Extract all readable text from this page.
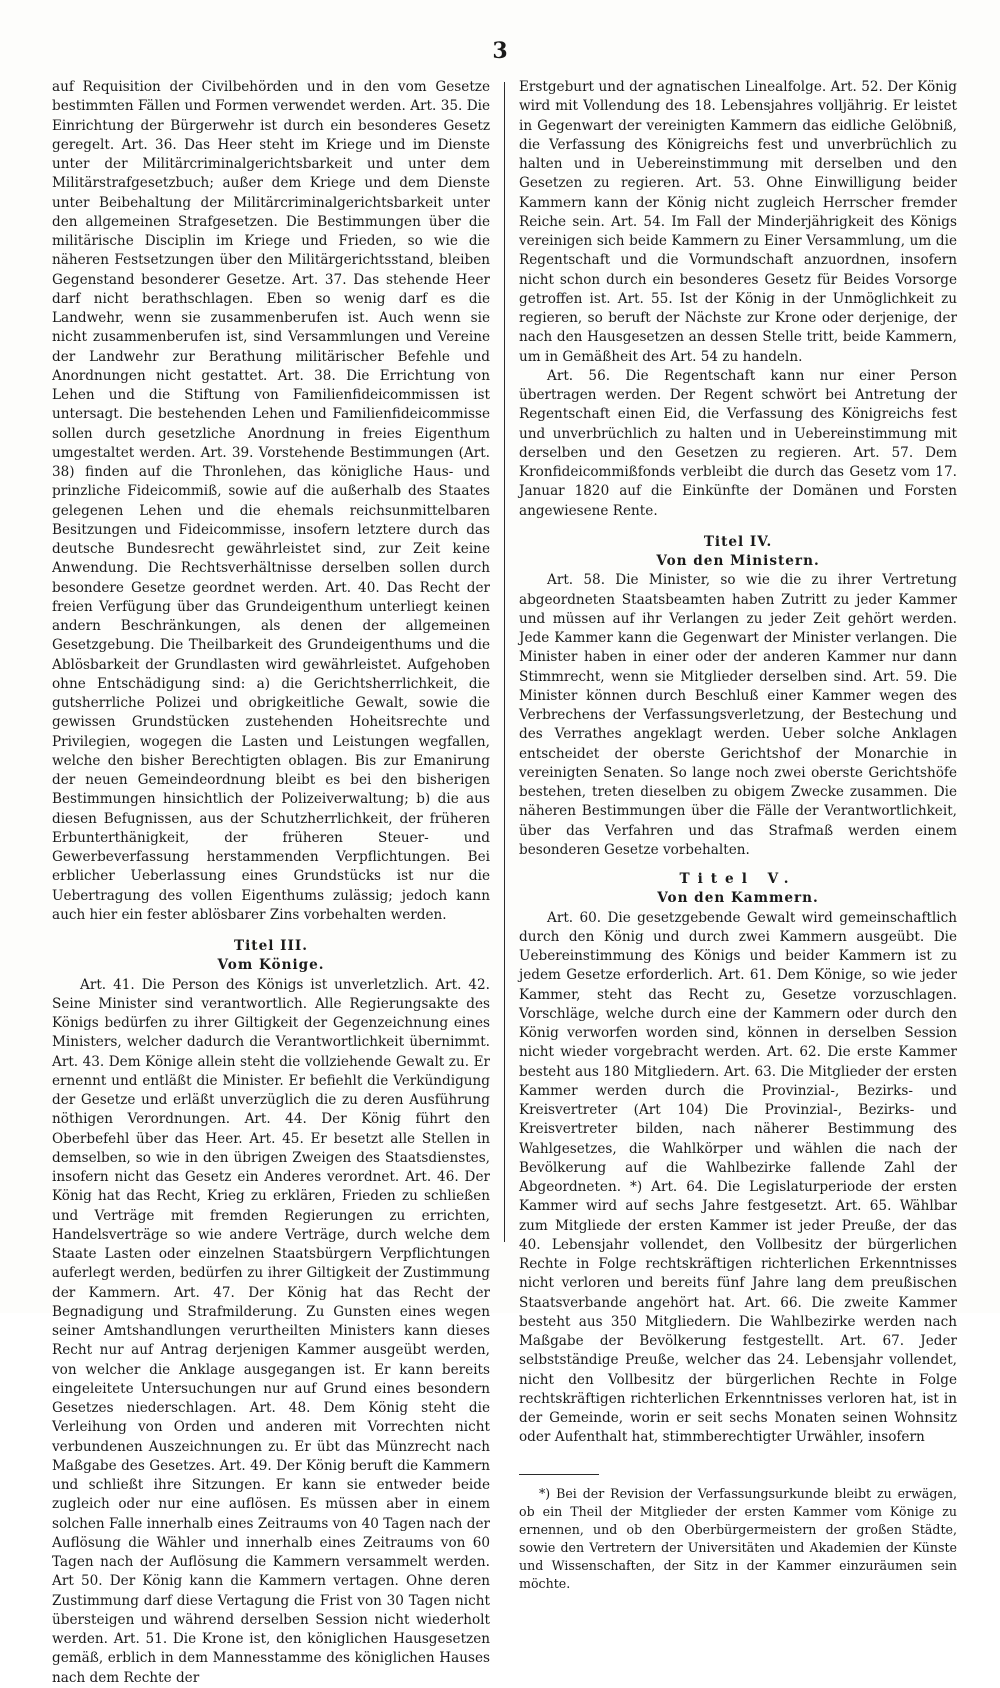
3

auf Requisition der Civilbehörden und in den vom Gesetze bestimmten Fällen und Formen verwendet werden. Art. 35. Die Einrichtung der Bürgerwehr ist durch ein besonderes Gesetz geregelt. Art. 36. Das Heer steht im Kriege und im Dienste unter der Militärcriminalgerichtsbarkeit und unter dem Militärstrafgesetzbuch; außer dem Kriege und dem Dienste unter Beibehaltung der Militärcriminalgerichtsbarkeit unter den allgemeinen Strafgesetzen. Die Bestimmungen über die militärische Disciplin im Kriege und Frieden, so wie die näheren Festsetzungen über den Militärgerichtsstand, bleiben Gegenstand besonderer Gesetze. Art. 37. Das stehende Heer darf nicht berathschlagen. Eben so wenig darf es die Landwehr, wenn sie zusammenberufen ist. Auch wenn sie nicht zusammenberufen ist, sind Versammlungen und Vereine der Landwehr zur Berathung militärischer Befehle und Anordnungen nicht gestattet. Art. 38. Die Errichtung von Lehen und die Stiftung von Familienfideicommissen ist untersagt. Die bestehenden Lehen und Familienfideicommisse sollen durch gesetzliche Anordnung in freies Eigenthum umgestaltet werden. Art. 39. Vorstehende Bestimmungen (Art. 38) finden auf die Thronlehen, das königliche Haus- und prinzliche Fideicommiß, sowie auf die außerhalb des Staates gelegenen Lehen und die ehemals reichsunmittelbaren Besitzungen und Fideicommisse, insofern letztere durch das deutsche Bundesrecht gewährleistet sind, zur Zeit keine Anwendung. Die Rechtsverhältnisse derselben sollen durch besondere Gesetze geordnet werden. Art. 40. Das Recht der freien Verfügung über das Grundeigenthum unterliegt keinen andern Beschränkungen, als denen der allgemeinen Gesetzgebung. Die Theilbarkeit des Grundeigenthums und die Ablösbarkeit der Grundlasten wird gewährleistet. Aufgehoben ohne Entschädigung sind: a) die Gerichtsherrlichkeit, die gutsherrliche Polizei und obrigkeitliche Gewalt, sowie die gewissen Grundstücken zustehenden Hoheitsrechte und Privilegien, wogegen die Lasten und Leistungen wegfallen, welche den bisher Berechtigten oblagen. Bis zur Emanirung der neuen Gemeindeordnung bleibt es bei den bisherigen Bestimmungen hinsichtlich der Polizeiverwaltung; b) die aus diesen Befugnissen, aus der Schutzherrlichkeit, der früheren Erbunterthänigkeit, der früheren Steuer- und Gewerbeverfassung herstammenden Verpflichtungen. Bei erblicher Ueberlassung eines Grundstücks ist nur die Uebertragung des vollen Eigenthums zulässig; jedoch kann auch hier ein fester ablösbarer Zins vorbehalten werden.

Titel III.

Vom Könige.

Art. 41. Die Person des Königs ist unverletzlich. Art. 42. Seine Minister sind verantwortlich. Alle Regierungsakte des Königs bedürfen zu ihrer Giltigkeit der Gegenzeichnung eines Ministers, welcher dadurch die Verantwortlichkeit übernimmt. Art. 43. Dem Könige allein steht die vollziehende Gewalt zu. Er ernennt und entläßt die Minister. Er befiehlt die Verkündigung der Gesetze und erläßt unverzüglich die zu deren Ausführung nöthigen Verordnungen. Art. 44. Der König führt den Oberbefehl über das Heer. Art. 45. Er besetzt alle Stellen in demselben, so wie in den übrigen Zweigen des Staatsdienstes, insofern nicht das Gesetz ein Anderes verordnet. Art. 46. Der König hat das Recht, Krieg zu erklären, Frieden zu schließen und Verträge mit fremden Regierungen zu errichten, Handelsverträge so wie andere Verträge, durch welche dem Staate Lasten oder einzelnen Staatsbürgern Verpflichtungen auferlegt werden, bedürfen zu ihrer Giltigkeit der Zustimmung der Kammern. Art. 47. Der König hat das Recht der Begnadigung und Strafmilderung. Zu Gunsten eines wegen seiner Amtshandlungen verurtheilten Ministers kann dieses Recht nur auf Antrag derjenigen Kammer ausgeübt werden, von welcher die Anklage ausgegangen ist. Er kann bereits eingeleitete Untersuchungen nur auf Grund eines besondern Gesetzes niederschlagen. Art. 48. Dem König steht die Verleihung von Orden und anderen mit Vorrechten nicht verbundenen Auszeichnungen zu. Er übt das Münzrecht nach Maßgabe des Gesetzes. Art. 49. Der König beruft die Kammern und schließt ihre Sitzungen. Er kann sie entweder beide zugleich oder nur eine auflösen. Es müssen aber in einem solchen Falle innerhalb eines Zeitraums von 40 Tagen nach der Auflösung die Wähler und innerhalb eines Zeitraums von 60 Tagen nach der Auflösung die Kammern versammelt werden. Art 50. Der König kann die Kammern vertagen. Ohne deren Zustimmung darf diese Vertagung die Frist von 30 Tagen nicht übersteigen und während derselben Session nicht wiederholt werden. Art. 51. Die Krone ist, den königlichen Hausgesetzen gemäß, erblich in dem Mannesstamme des königlichen Hauses nach dem Rechte der

Erstgeburt und der agnatischen Linealfolge. Art. 52. Der König wird mit Vollendung des 18. Lebensjahres volljährig. Er leistet in Gegenwart der vereinigten Kammern das eidliche Gelöbniß, die Verfassung des Königreichs fest und unverbrüchlich zu halten und in Uebereinstimmung mit derselben und den Gesetzen zu regieren. Art. 53. Ohne Einwilligung beider Kammern kann der König nicht zugleich Herrscher fremder Reiche sein. Art. 54. Im Fall der Minderjährigkeit des Königs vereinigen sich beide Kammern zu Einer Versammlung, um die Regentschaft und die Vormundschaft anzuordnen, insofern nicht schon durch ein besonderes Gesetz für Beides Vorsorge getroffen ist. Art. 55. Ist der König in der Unmöglichkeit zu regieren, so beruft der Nächste zur Krone oder derjenige, der nach den Hausgesetzen an dessen Stelle tritt, beide Kammern, um in Gemäßheit des Art. 54 zu handeln.

Art. 56. Die Regentschaft kann nur einer Person übertragen werden. Der Regent schwört bei Antretung der Regentschaft einen Eid, die Verfassung des Königreichs fest und unverbrüchlich zu halten und in Uebereinstimmung mit derselben und den Gesetzen zu regieren. Art. 57. Dem Kronfideicommißfonds verbleibt die durch das Gesetz vom 17. Januar 1820 auf die Einkünfte der Domänen und Forsten angewiesene Rente.

Titel IV.

Von den Ministern.

Art. 58. Die Minister, so wie die zu ihrer Vertretung abgeordneten Staatsbeamten haben Zutritt zu jeder Kammer und müssen auf ihr Verlangen zu jeder Zeit gehört werden. Jede Kammer kann die Gegenwart der Minister verlangen. Die Minister haben in einer oder der anderen Kammer nur dann Stimmrecht, wenn sie Mitglieder derselben sind. Art. 59. Die Minister können durch Beschluß einer Kammer wegen des Verbrechens der Verfassungsverletzung, der Bestechung und des Verrathes angeklagt werden. Ueber solche Anklagen entscheidet der oberste Gerichtshof der Monarchie in vereinigten Senaten. So lange noch zwei oberste Gerichtshöfe bestehen, treten dieselben zu obigem Zwecke zusammen. Die näheren Bestimmungen über die Fälle der Verantwortlichkeit, über das Verfahren und das Strafmaß werden einem besonderen Gesetze vorbehalten.

Titel V.

Von den Kammern.

Art. 60. Die gesetzgebende Gewalt wird gemeinschaftlich durch den König und durch zwei Kammern ausgeübt. Die Uebereinstimmung des Königs und beider Kammern ist zu jedem Gesetze erforderlich. Art. 61. Dem Könige, so wie jeder Kammer, steht das Recht zu, Gesetze vorzuschlagen. Vorschläge, welche durch eine der Kammern oder durch den König verworfen worden sind, können in derselben Session nicht wieder vorgebracht werden. Art. 62. Die erste Kammer besteht aus 180 Mitgliedern. Art. 63. Die Mitglieder der ersten Kammer werden durch die Provinzial-, Bezirks- und Kreisvertreter (Art 104) Die Provinzial-, Bezirks- und Kreisvertreter bilden, nach näherer Bestimmung des Wahlgesetzes, die Wahlkörper und wählen die nach der Bevölkerung auf die Wahlbezirke fallende Zahl der Abgeordneten. *) Art. 64. Die Legislaturperiode der ersten Kammer wird auf sechs Jahre festgesetzt. Art. 65. Wählbar zum Mitgliede der ersten Kammer ist jeder Preuße, der das 40. Lebensjahr vollendet, den Vollbesitz der bürgerlichen Rechte in Folge rechtskräftigen richterlichen Erkenntnisses nicht verloren und bereits fünf Jahre lang dem preußischen Staatsverbande angehört hat. Art. 66. Die zweite Kammer besteht aus 350 Mitgliedern. Die Wahlbezirke werden nach Maßgabe der Bevölkerung festgestellt. Art. 67. Jeder selbstständige Preuße, welcher das 24. Lebensjahr vollendet, nicht den Vollbesitz der bürgerlichen Rechte in Folge rechtskräftigen richterlichen Erkenntnisses verloren hat, ist in der Gemeinde, worin er seit sechs Monaten seinen Wohnsitz oder Aufenthalt hat, stimmberechtigter Urwähler, insofern

*) Bei der Revision der Verfassungsurkunde bleibt zu erwägen, ob ein Theil der Mitglieder der ersten Kammer vom Könige zu ernennen, und ob den Oberbürgermeistern der großen Städte, sowie den Vertretern der Universitäten und Akademien der Künste und Wissenschaften, der Sitz in der Kammer einzuräumen sein möchte.
